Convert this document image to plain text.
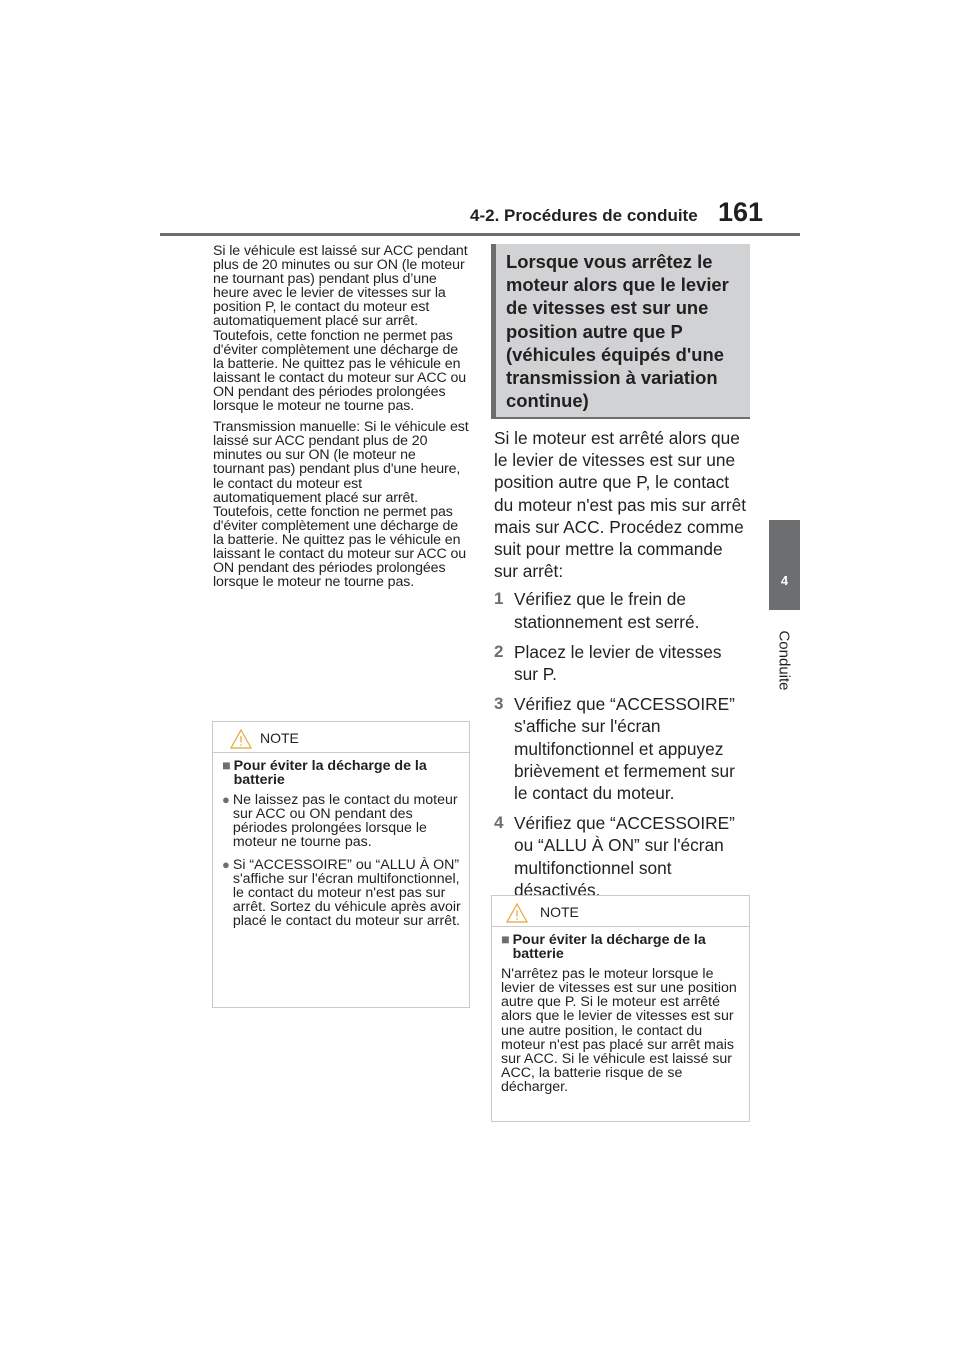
4-2. Procédures de conduite 161
4
Conduite

Si le véhicule est laissé sur ACC pendant plus de 20 minutes ou sur ON (le moteur ne tournant pas) pendant plus d’une heure avec le levier de vitesses sur la position P, le contact du moteur est automatiquement placé sur arrêt. Toutefois, cette fonction ne permet pas d'éviter complètement une décharge de la batterie. Ne quittez pas le véhicule en laissant le contact du moteur sur ACC ou ON pendant des périodes prolongées lorsque le moteur ne tourne pas.

Transmission manuelle: Si le véhicule est laissé sur ACC pendant plus de 20 minutes ou sur ON (le moteur ne tournant pas) pendant plus d'une heure, le contact du moteur est automatiquement placé sur arrêt. Toutefois, cette fonction ne permet pas d'éviter complètement une décharge de la batterie. Ne quittez pas le véhicule en laissant le contact du moteur sur ACC ou ON pendant des périodes prolongées lorsque le moteur ne tourne pas.

NOTE
■ Pour éviter la décharge de la batterie
● Ne laissez pas le contact du moteur sur ACC ou ON pendant des périodes prolongées lorsque le moteur ne tourne pas.
● Si “ACCESSOIRE” ou “ALLU À ON” s'affiche sur l'écran multifonctionnel, le contact du moteur n'est pas sur arrêt. Sortez du véhicule après avoir placé le contact du moteur sur arrêt.
Lorsque vous arrêtez le moteur alors que le levier de vitesses est sur une position autre que P (véhicules équipés d'une transmission à variation continue)

Si le moteur est arrêté alors que le levier de vitesses est sur une position autre que P, le contact du moteur n'est pas mis sur arrêt mais sur ACC. Procédez comme suit pour mettre la commande sur arrêt:

1 Vérifiez que le frein de stationnement est serré.
2 Placez le levier de vitesses sur P.
3 Vérifiez que “ACCESSOIRE” s'affiche sur l'écran multifonctionnel et appuyez brièvement et fermement sur le contact du moteur.
4 Vérifiez que “ACCESSOIRE” ou “ALLU À ON” sur l'écran multifonctionnel sont désactivés.
NOTE
■ Pour éviter la décharge de la batterie
N'arrêtez pas le moteur lorsque le levier de vitesses est sur une position autre que P. Si le moteur est arrêté alors que le levier de vitesses est sur une autre position, le contact du moteur n'est pas placé sur arrêt mais sur ACC. Si le véhicule est laissé sur ACC, la batterie risque de se décharger.
